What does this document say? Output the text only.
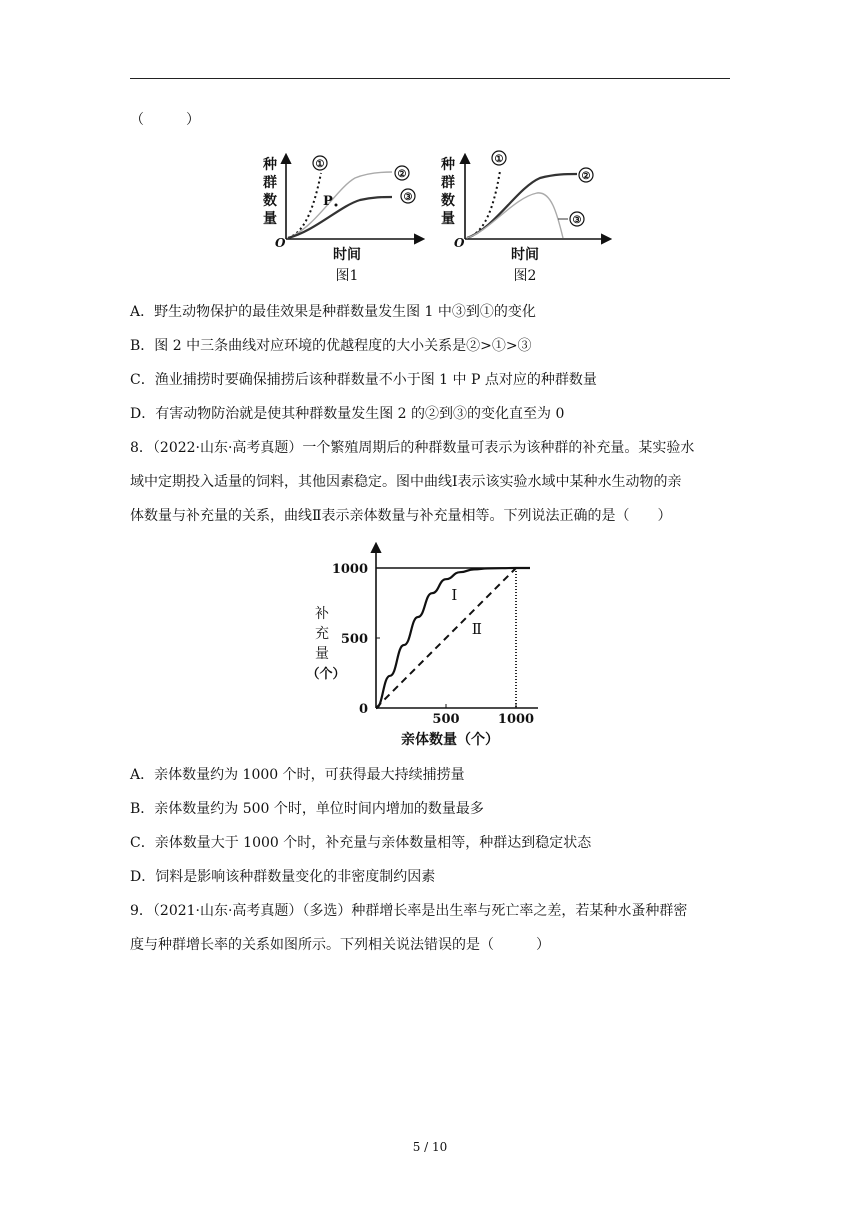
（　　　）
种
群
数
量
O
①
②
③
P
时间
图1
种
群
数
量
O
①
②
③
时间
图2
A．野生动物保护的最佳效果是种群数量发生图 1 中③到①的变化
B．图 2 中三条曲线对应环境的优越程度的大小关系是②>①>③
C．渔业捕捞时要确保捕捞后该种群数量不小于图 1 中 P 点对应的种群数量
D．有害动物防治就是使其种群数量发生图 2 的②到③的变化直至为 0
8．（2022·山东·高考真题）一个繁殖周期后的种群数量可表示为该种群的补充量。某实验水
域中定期投入适量的饲料，其他因素稳定。图中曲线Ⅰ表示该实验水域中某种水生动物的亲
体数量与补充量的关系，曲线Ⅱ表示亲体数量与补充量相等。下列说法正确的是（　　）
Ⅰ
Ⅱ
0
500
1000
500	1000
补
充
量
（个）
亲体数量（个）
A．亲体数量约为 1000 个时，可获得最大持续捕捞量
B．亲体数量约为 500 个时，单位时间内增加的数量最多
C．亲体数量大于 1000 个时，补充量与亲体数量相等，种群达到稳定状态
D．饲料是影响该种群数量变化的非密度制约因素
9．（2021·山东·高考真题）（多选）种群增长率是出生率与死亡率之差，若某种水蚤种群密
度与种群增长率的关系如图所示。下列相关说法错误的是（　　　）
5 / 10
